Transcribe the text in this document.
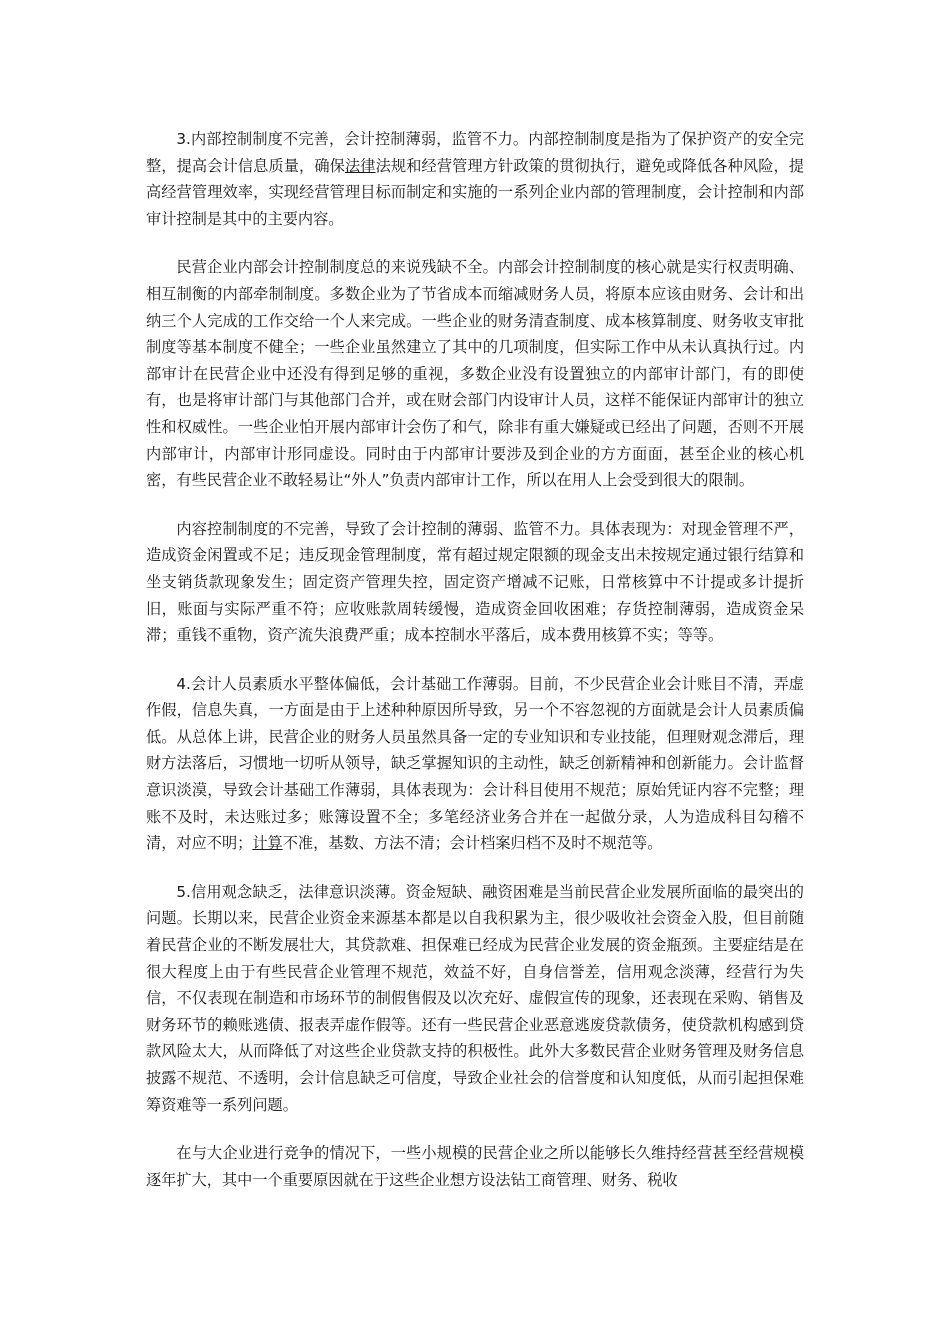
3.内部控制制度不完善，会计控制薄弱，监管不力。内部控制制度是指为了保护资产的安全完整，提高会计信息质量，确保法律法规和经营管理方针政策的贯彻执行，避免或降低各种风险，提高经营管理效率，实现经营管理目标而制定和实施的一系列企业内部的管理制度，会计控制和内部审计控制是其中的主要内容。

民营企业内部会计控制制度总的来说残缺不全。内部会计控制制度的核心就是实行权责明确、相互制衡的内部牵制制度。多数企业为了节省成本而缩减财务人员，将原本应该由财务、会计和出纳三个人完成的工作交给一个人来完成。一些企业的财务清查制度、成本核算制度、财务收支审批制度等基本制度不健全；一些企业虽然建立了其中的几项制度，但实际工作中从未认真执行过。内部审计在民营企业中还没有得到足够的重视，多数企业没有设置独立的内部审计部门，有的即使有，也是将审计部门与其他部门合并，或在财会部门内设审计人员，这样不能保证内部审计的独立性和权威性。一些企业怕开展内部审计会伤了和气，除非有重大嫌疑或已经出了问题，否则不开展内部审计，内部审计形同虚设。同时由于内部审计要涉及到企业的方方面面，甚至企业的核心机密，有些民营企业不敢轻易让“外人”负责内部审计工作，所以在用人上会受到很大的限制。

内容控制制度的不完善，导致了会计控制的薄弱、监管不力。具体表现为：对现金管理不严，造成资金闲置或不足；违反现金管理制度，常有超过规定限额的现金支出未按规定通过银行结算和坐支销货款现象发生；固定资产管理失控，固定资产增减不记账，日常核算中不计提或多计提折旧，账面与实际严重不符；应收账款周转缓慢，造成资金回收困难；存货控制薄弱，造成资金呆滞；重钱不重物，资产流失浪费严重；成本控制水平落后，成本费用核算不实；等等。

4.会计人员素质水平整体偏低，会计基础工作薄弱。目前，不少民营企业会计账目不清，弄虚作假，信息失真，一方面是由于上述种种原因所导致，另一个不容忽视的方面就是会计人员素质偏低。从总体上讲，民营企业的财务人员虽然具备一定的专业知识和专业技能，但理财观念滞后，理财方法落后，习惯地一切听从领导，缺乏掌握知识的主动性，缺乏创新精神和创新能力。会计监督意识淡漠，导致会计基础工作薄弱，具体表现为：会计科目使用不规范；原始凭证内容不完整；理账不及时，未达账过多；账簿设置不全；多笔经济业务合并在一起做分录，人为造成科目勾稽不清，对应不明；计算不准，基数、方法不清；会计档案归档不及时不规范等。

5.信用观念缺乏，法律意识淡薄。资金短缺、融资困难是当前民营企业发展所面临的最突出的问题。长期以来，民营企业资金来源基本都是以自我积累为主，很少吸收社会资金入股，但目前随着民营企业的不断发展壮大，其贷款难、担保难已经成为民营企业发展的资金瓶颈。主要症结是在很大程度上由于有些民营企业管理不规范，效益不好，自身信誉差，信用观念淡薄，经营行为失信，不仅表现在制造和市场环节的制假售假及以次充好、虚假宣传的现象，还表现在采购、销售及财务环节的赖账逃债、报表弄虚作假等。还有一些民营企业恶意逃废贷款债务，使贷款机构感到贷款风险太大，从而降低了对这些企业贷款支持的积极性。此外大多数民营企业财务管理及财务信息披露不规范、不透明，会计信息缺乏可信度，导致企业社会的信誉度和认知度低，从而引起担保难筹资难等一系列问题。

在与大企业进行竞争的情况下，一些小规模的民营企业之所以能够长久维持经营甚至经营规模逐年扩大，其中一个重要原因就在于这些企业想方设法钻工商管理、财务、税收
